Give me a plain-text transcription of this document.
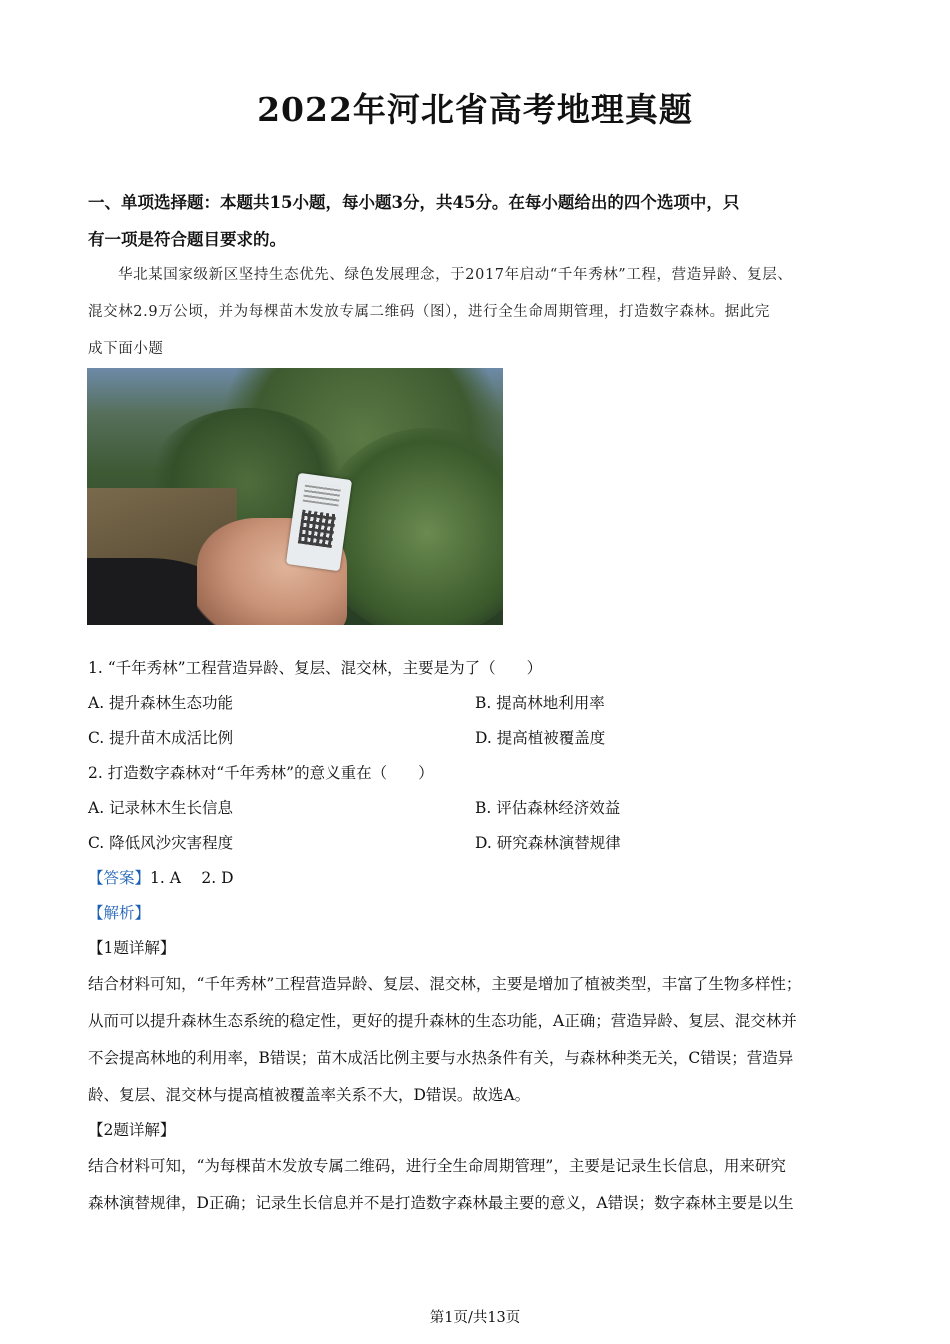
2022年河北省高考地理真题
一、单项选择题：本题共15小题，每小题3分，共45分。在每小题给出的四个选项中，只
有一项是符合题目要求的。
华北某国家级新区坚持生态优先、绿色发展理念，于2017年启动“千年秀林”工程，营造异龄、复层、
混交林2.9万公顷，并为每棵苗木发放专属二维码（图），进行全生命周期管理，打造数字森林。据此完
成下面小题
1. “千年秀林”工程营造异龄、复层、混交林，主要是为了（　　）
A. 提升森林生态功能	B. 提高林地利用率
C. 提升苗木成活比例	D. 提高植被覆盖度
2. 打造数字森林对“千年秀林”的意义重在（　　）
A. 记录林木生长信息	B. 评估森林经济效益
C. 降低风沙灾害程度	D. 研究森林演替规律
【答案】1. A　 2. D
【解析】
【1题详解】
结合材料可知，“千年秀林”工程营造异龄、复层、混交林，主要是增加了植被类型，丰富了生物多样性；
从而可以提升森林生态系统的稳定性，更好的提升森林的生态功能，A正确；营造异龄、复层、混交林并
不会提高林地的利用率，B错误；苗木成活比例主要与水热条件有关，与森林种类无关，C错误；营造异
龄、复层、混交林与提高植被覆盖率关系不大，D错误。故选A。
【2题详解】
结合材料可知，“为每棵苗木发放专属二维码，进行全生命周期管理”，主要是记录生长信息，用来研究
森林演替规律，D正确；记录生长信息并不是打造数字森林最主要的意义，A错误；数字森林主要是以生
第1页/共13页
